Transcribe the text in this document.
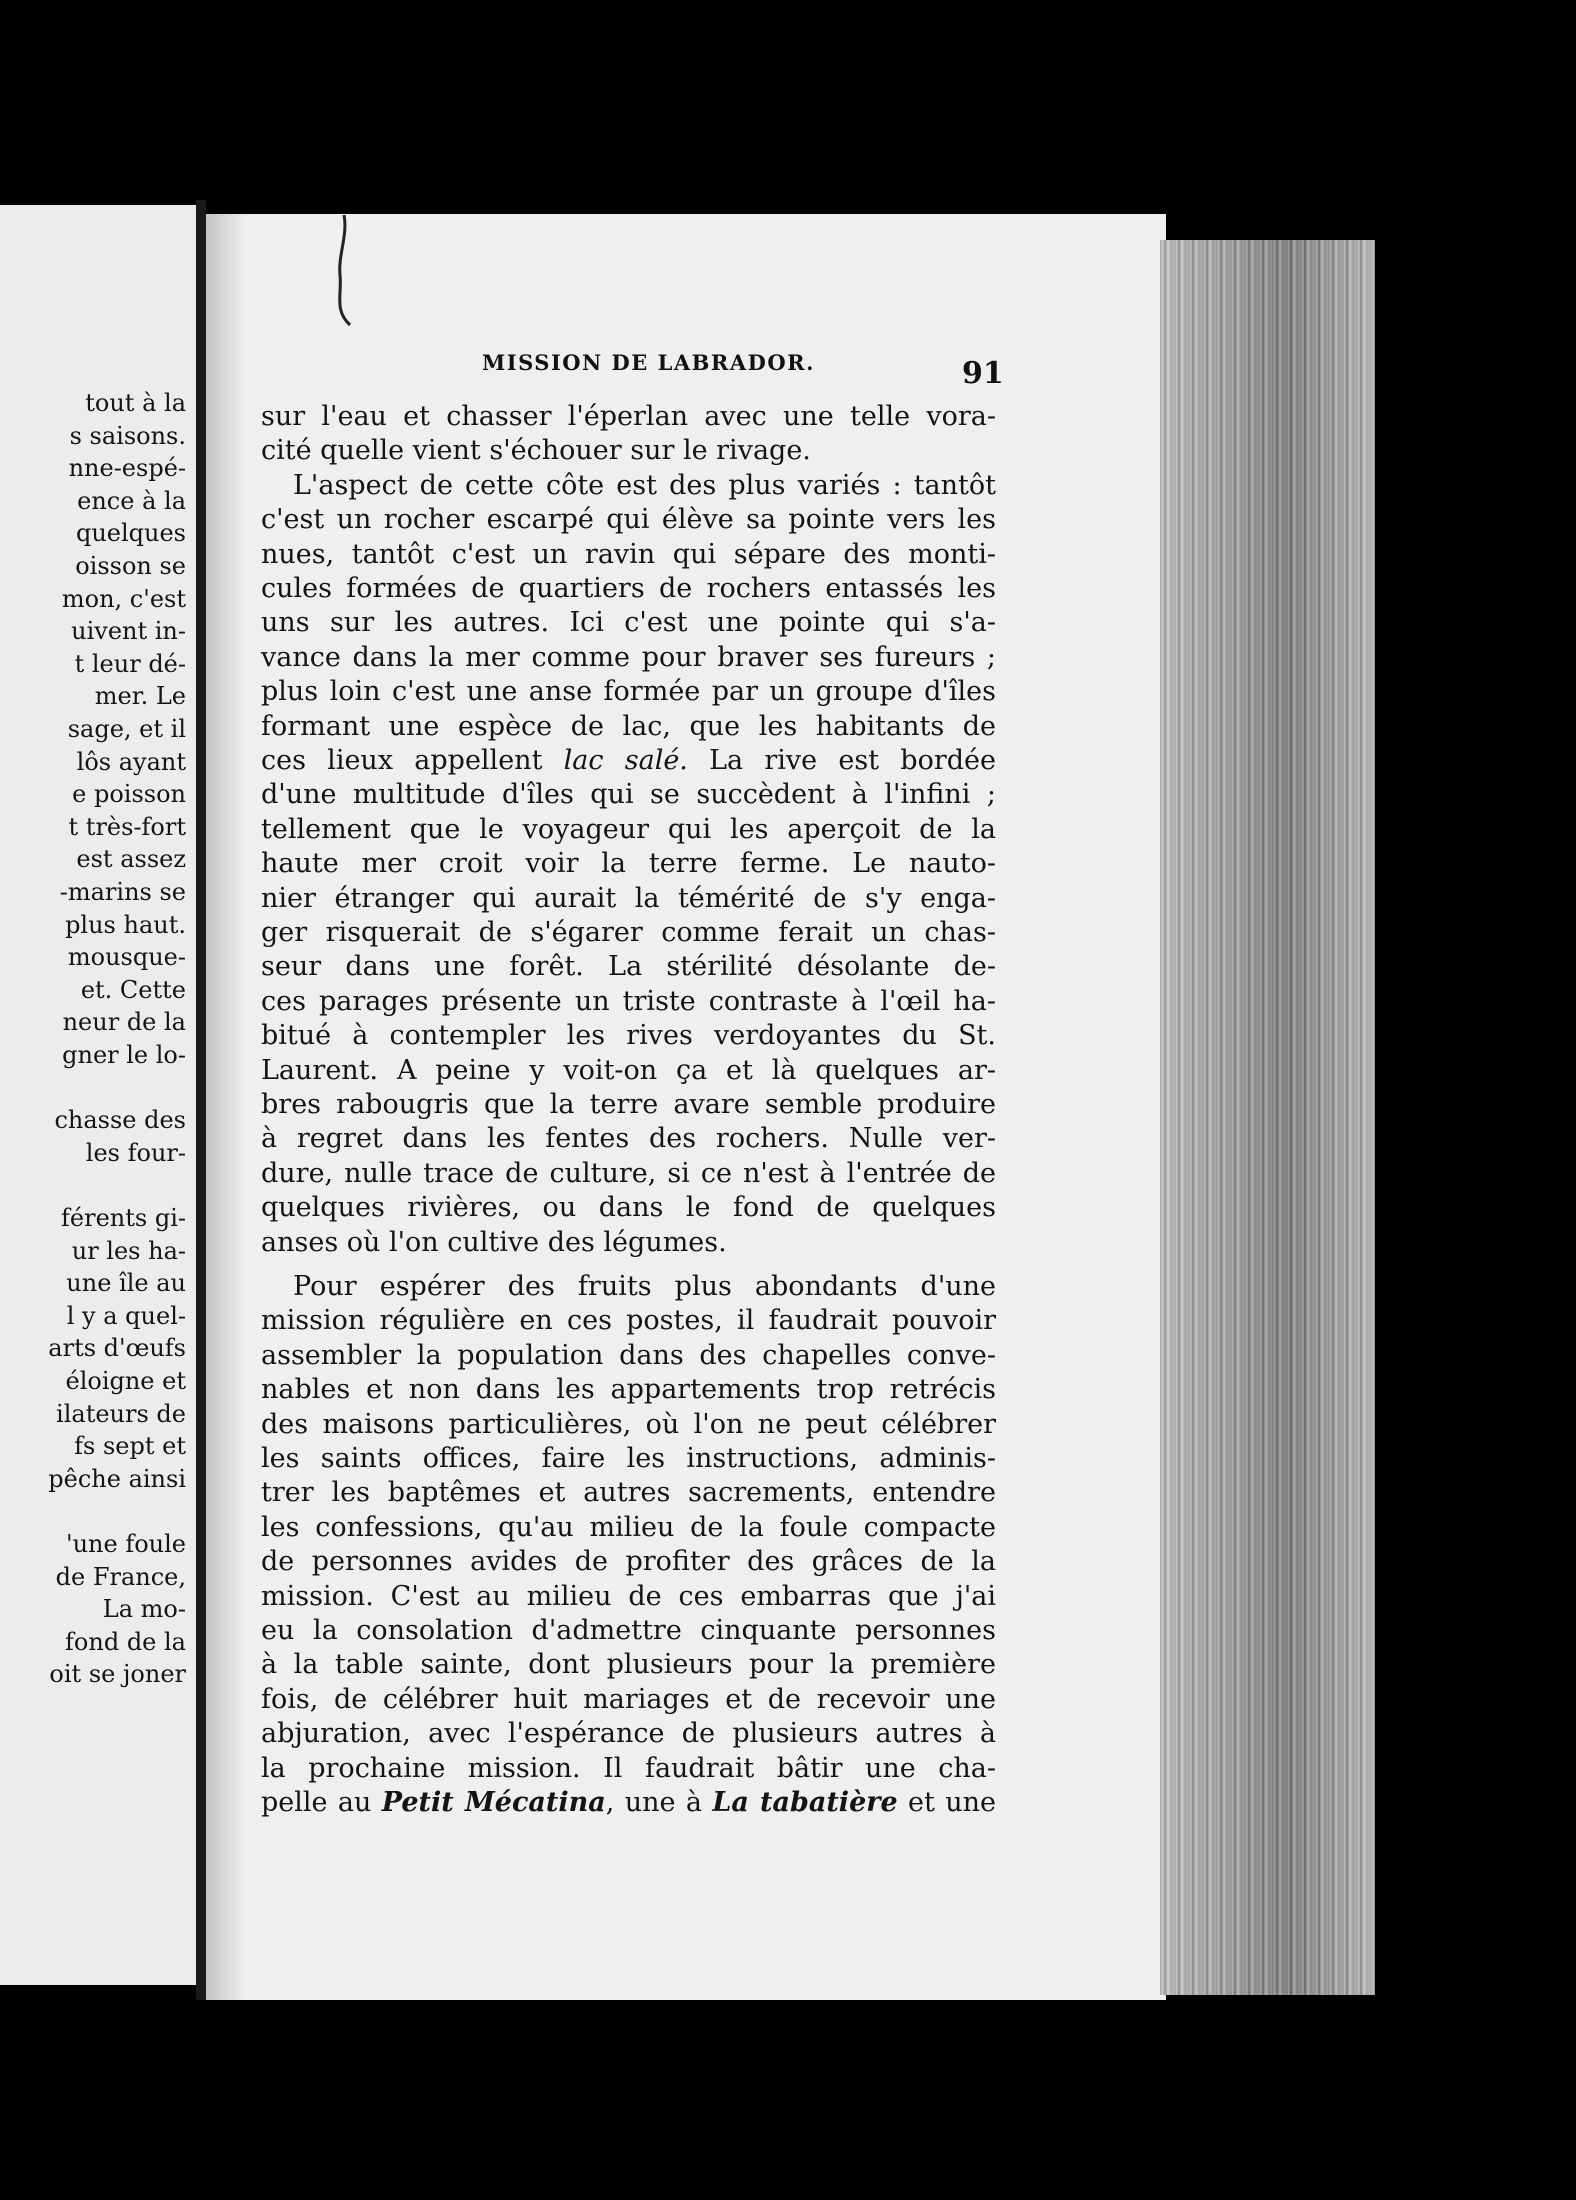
tout à la
s saisons.
nne-espé-
ence à la
quelques
oisson se
mon, c'est
uivent in-
t leur dé-
mer. Le
sage, et il
lôs ayant
e poisson
t très-fort
est assez
-marins se
plus haut.
mousque-
et. Cette
neur de la
gner le lo-
chasse des
les four-
férents gi-
ur les ha-
une île au
l y a quel-
arts d'œufs
éloigne et
ilateurs de
fs sept et
pêche ainsi
'une foule
de France,
La mo-
fond de la
oit se joner
sur l'eau et chasser l'éperlan avec une telle vora-
cité quelle vient s'échouer sur le rivage.
L'aspect de cette côte est des plus variés : tantôt
c'est un rocher escarpé qui élève sa pointe vers les
nues, tantôt c'est un ravin qui sépare des monti-
cules formées de quartiers de rochers entassés les
uns sur les autres. Ici c'est une pointe qui s'a-
vance dans la mer comme pour braver ses fureurs ;
plus loin c'est une anse formée par un groupe d'îles
formant une espèce de lac, que les habitants de
ces lieux appellent lac salé. La rive est bordée
d'une multitude d'îles qui se succèdent à l'infini ;
tellement que le voyageur qui les aperçoit de la
haute mer croit voir la terre ferme. Le nauto-
nier étranger qui aurait la témérité de s'y enga-
ger risquerait de s'égarer comme ferait un chas-
seur dans une forêt. La stérilité désolante de-
ces parages présente un triste contraste à l'œil ha-
bitué à contempler les rives verdoyantes du St.
Laurent. A peine y voit-on ça et là quelques ar-
bres rabougris que la terre avare semble produire
à regret dans les fentes des rochers. Nulle ver-
dure, nulle trace de culture, si ce n'est à l'entrée de
quelques rivières, ou dans le fond de quelques
anses où l'on cultive des légumes.
Pour espérer des fruits plus abondants d'une
mission régulière en ces postes, il faudrait pouvoir
assembler la population dans des chapelles conve-
nables et non dans les appartements trop retrécis
des maisons particulières, où l'on ne peut célébrer
les saints offices, faire les instructions, adminis-
trer les baptêmes et autres sacrements, entendre
les confessions, qu'au milieu de la foule compacte
de personnes avides de profiter des grâces de la
mission. C'est au milieu de ces embarras que j'ai
eu la consolation d'admettre cinquante personnes
à la table sainte, dont plusieurs pour la première
fois, de célébrer huit mariages et de recevoir une
abjuration, avec l'espérance de plusieurs autres à
la prochaine mission. Il faudrait bâtir une cha-
pelle au Petit Mécatina, une à La tabatière et une
MISSION DE LABRADOR.	91
